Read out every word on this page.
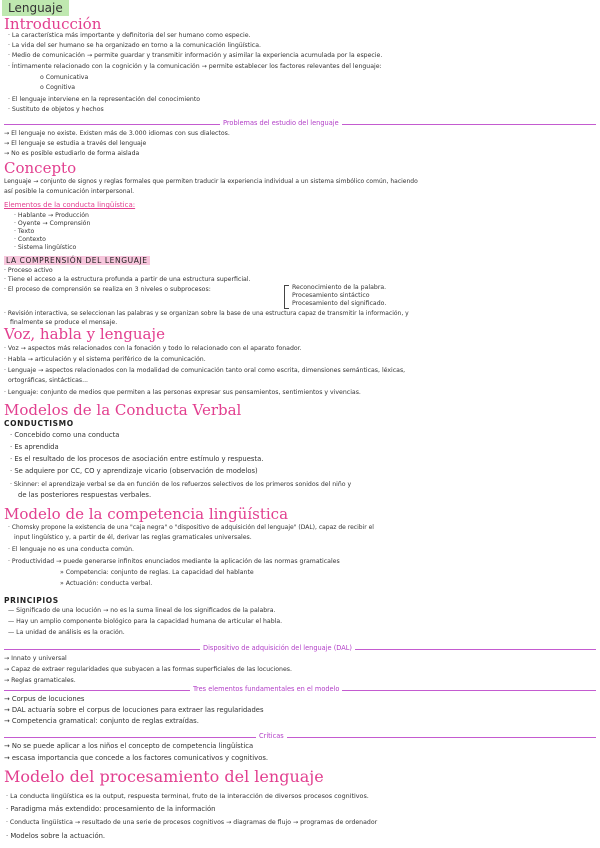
Lenguaje
Introducción
· La característica más importante y definitoria del ser humano como especie.
· La vida del ser humano se ha organizado en torno a la comunicación lingüística.
· Medio de comunicación → permite guardar y transmitir información y asimilar la experiencia acumulada por la especie.
· Íntimamente relacionado con la cognición y la comunicación → permite establecer los factores relevantes del lenguaje:
o Comunicativa
o Cognitiva
· El lenguaje interviene en la representación del conocimiento
· Sustituto de objetos y hechos
Problemas del estudio del lenguaje
→ El lenguaje no existe. Existen más de 3.000 idiomas con sus dialectos.
→ El lenguaje se estudia a través del lenguaje
→ No es posible estudiarlo de forma aislada
Concepto
Lenguaje → conjunto de signos y reglas formales que permiten traducir la experiencia individual a un sistema simbólico común, haciendo
así posible la comunicación interpersonal.
Elementos de la conducta lingüística:
· Hablante → Producción
· Oyente → Comprensión
· Texto
· Contexto
· Sistema lingüístico
LA COMPRENSIÓN DEL LENGUAJE
· Proceso activo
· Tiene el acceso a la estructura profunda a partir de una estructura superficial.
· El proceso de comprensión se realiza en 3 niveles o subprocesos:	Reconocimiento de la palabra.
Procesamiento sintáctico
Procesamiento del significado.
· Revisión interactiva, se seleccionan las palabras y se organizan sobre la base de una estructura capaz de transmitir la información, y
finalmente se produce el mensaje.
Voz, habla y lenguaje
· Voz → aspectos más relacionados con la fonación y todo lo relacionado con el aparato fonador.
· Habla → articulación y el sistema periférico de la comunicación.
· Lenguaje → aspectos relacionados con la modalidad de comunicación tanto oral como escrita, dimensiones semánticas, léxicas,
ortográficas, sintácticas...
· Lenguaje: conjunto de medios que permiten a las personas expresar sus pensamientos, sentimientos y vivencias.
Modelos de la Conducta Verbal
CONDUCTISMO
· Concebido como una conducta
· Es aprendida
· Es el resultado de los procesos de asociación entre estímulo y respuesta.
· Se adquiere por CC, CO y aprendizaje vicario (observación de modelos)
· Skinner: el aprendizaje verbal se da en función de los refuerzos selectivos de los primeros sonidos del niño y
de las posteriores respuestas verbales.
Modelo de la competencia lingüística
· Chomsky propone la existencia de una "caja negra" o "dispositivo de adquisición del lenguaje" (DAL), capaz de recibir el
input lingüístico y, a partir de él, derivar las reglas gramaticales universales.
· El lenguaje no es una conducta común.
· Productividad → puede generarse infinitos enunciados mediante la aplicación de las normas gramaticales
» Competencia: conjunto de reglas. La capacidad del hablante
» Actuación: conducta verbal.
PRINCIPIOS
— Significado de una locución → no es la suma lineal de los significados de la palabra.
— Hay un amplio componente biológico para la capacidad humana de articular el habla.
— La unidad de análisis es la oración.
Dispositivo de adquisición del lenguaje (DAL)
→ Innato y universal
→ Capaz de extraer regularidades que subyacen a las formas superficiales de las locuciones.
→ Reglas gramaticales.
Tres elementos fundamentales en el modelo
→ Corpus de locuciones
→ DAL actuaría sobre el corpus de locuciones para extraer las regularidades
→ Competencia gramatical: conjunto de reglas extraídas.
Críticas
→ No se puede aplicar a los niños el concepto de competencia lingüística
→ escasa importancia que concede a los factores comunicativos y cognitivos.
Modelo del procesamiento del lenguaje
· La conducta lingüística es la output, respuesta terminal, fruto de la interacción de diversos procesos cognitivos.
· Paradigma más extendido: procesamiento de la información
· Conducta lingüística → resultado de una serie de procesos cognitivos → diagramas de flujo → programas de ordenador
· Modelos sobre la actuación.
